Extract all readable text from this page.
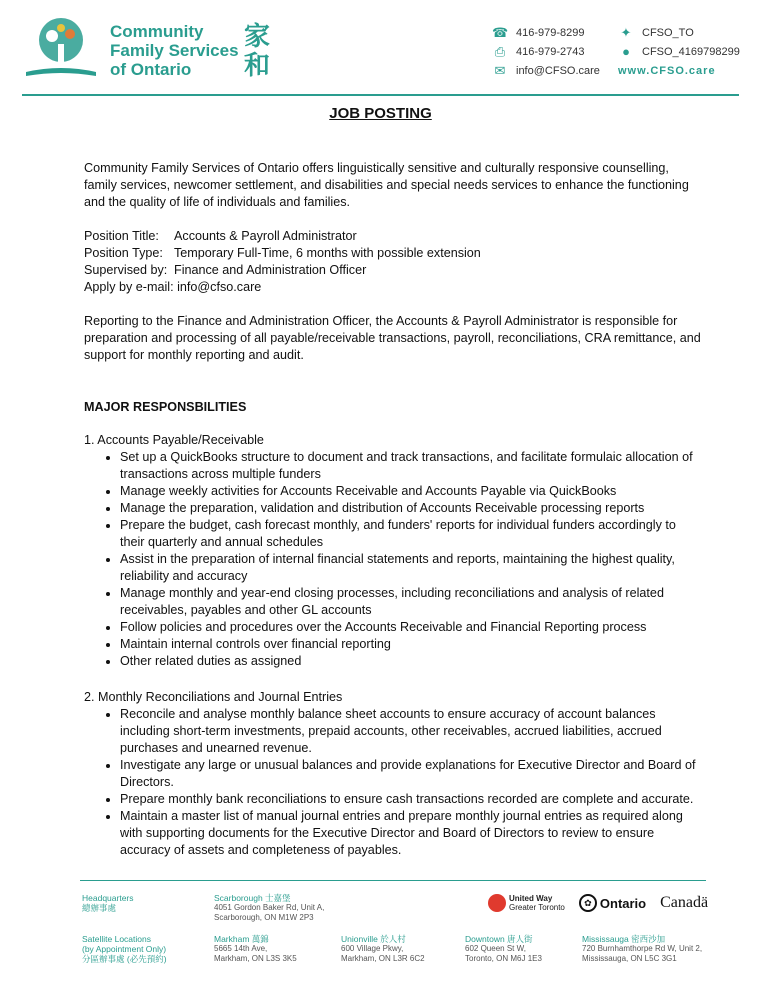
Community
Family Services
of Ontario
家
和
☎ 416-979-8299
⎙ 416-979-2743
✉ info@CFSO.care
✦ CFSO_TO
●	CFSO_4169798299
www.CFSO.care
JOB POSTING

Community Family Services of Ontario offers linguistically sensitive and culturally responsive counselling, family services, newcomer settlement, and disabilities and special needs services to enhance the functioning and the quality of life of individuals and families.

Position Title:	Accounts & Payroll Administrator
Position Type: Temporary Full-Time, 6 months with possible extension
Supervised by: Finance and Administration Officer
Apply by e-mail:
info@cfso.care

Reporting to the Finance and Administration Officer, the Accounts & Payroll Administrator is responsible for preparation and processing of all payable/receivable transactions, payroll, reconciliations, CRA remittance, and support for monthly reporting and audit.

MAJOR RESPONSBILITIES

1. Accounts Payable/Receivable

• Set up a QuickBooks structure to document and track transactions, and facilitate formulaic allocation of transactions across multiple funders
• Manage weekly activities for Accounts Receivable and Accounts Payable via QuickBooks
• Manage the preparation, validation and distribution of Accounts Receivable processing reports
• Prepare the budget, cash forecast monthly, and funders' reports for individual funders accordingly to their quarterly and annual schedules
• Assist in the preparation of internal financial statements and reports, maintaining the highest quality, reliability and accuracy
• Manage monthly and year-end closing processes, including reconciliations and analysis of related receivables, payables and other GL accounts
• Follow policies and procedures over the Accounts Receivable and Financial Reporting process
• Maintain internal controls over financial reporting
• Other related duties as assigned

2. Monthly Reconciliations and Journal Entries

• Reconcile and analyse monthly balance sheet accounts to ensure accuracy of account balances including short-term investments, prepaid accounts, other receivables, accrued liabilities, accrued purchases and unearned revenue.
• Investigate any large or unusual balances and provide explanations for Executive Director and Board of Directors.
• Prepare monthly bank reconciliations to ensure cash transactions recorded are complete and accurate.
• Maintain a master list of manual journal entries and prepare monthly journal entries as required along with supporting documents for the Executive Director and Board of Directors to review to ensure accuracy of assets and completeness of payables.
Headquarters
總辦事處
Scarborough 士嘉堡
4051 Gordon Baker Rd, Unit A,
Scarborough, ON M1W 2P3
United Way
Greater Toronto	✿ Ontario Canadä
Satellite Locations
(by Appointment Only)
分區辦事處 (必先預約)
Markham 萬錦
5665 14th Ave,
Markham, ON L3S 3K5
Unionville 於人村
600 Village Pkwy,
Markham, ON L3R 6C2
Downtown 唐人街
602 Queen St W,
Toronto, ON M6J 1E3
Mississauga 密西沙加
720 Burnhamthorpe Rd W, Unit 2,
Mississauga, ON L5C 3G1
